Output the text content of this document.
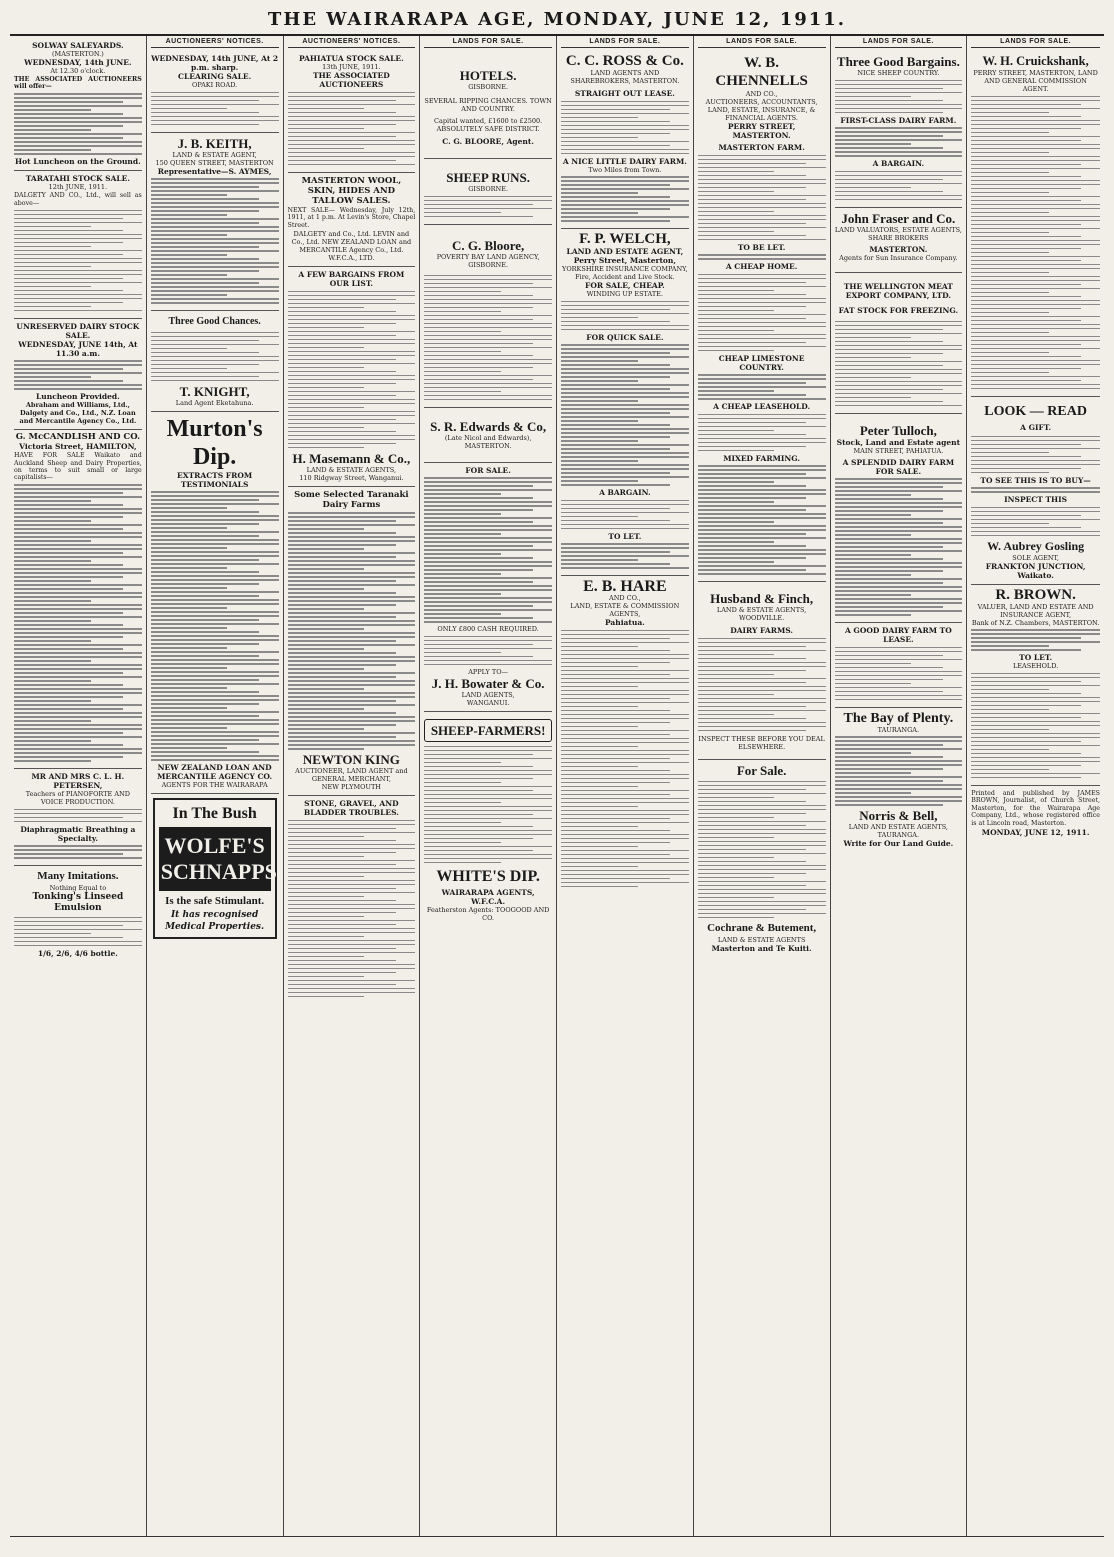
THE WAIRARAPA AGE, MONDAY, JUNE 12, 1911.
SOLWAY SALEYARDS.
(MASTERTON.)
WEDNESDAY, 14th JUNE.
At 12.30 o'clock.

THE ASSOCIATED AUCTIONEERS will offer—

Hot Luncheon on the Ground.
TARATAHI STOCK SALE.
12th JUNE, 1911.

DALGETY AND CO., Ltd., will sell as above—

UNRESERVED DAIRY STOCK SALE.
WEDNESDAY, JUNE 14th, At 11.30 a.m.
Luncheon Provided.
Abraham and Williams, Ltd., Dalgety and Co., Ltd., N.Z. Loan and Mercantile Agency Co., Ltd.
G. McCANDLISH AND CO.
Victoria Street, HAMILTON,

HAVE FOR SALE Waikato and Auckland Sheep and Dairy Properties, on terms to suit small or large capitalists—

MR AND MRS C. L. H. PETERSEN,
Teachers of PIANOFORTE AND VOICE PRODUCTION.
Diaphragmatic Breathing a Specialty.
Many Imitations.
Nothing Equal to
Tonking's Linseed Emulsion
1/6, 2/6, 4/6 bottle.
AUCTIONEERS' NOTICES.
WEDNESDAY, 14th JUNE, At 2 p.m. sharp.
CLEARING SALE.
OPAKI ROAD.
J. B. KEITH,
LAND & ESTATE AGENT,
150 QUEEN STREET, MASTERTON
Representative—S. AYMES,
Three Good Chances.
T. KNIGHT,
Land Agent Eketahuna.
Murton's Dip.
EXTRACTS FROM TESTIMONIALS
NEW ZEALAND LOAN AND MERCANTILE AGENCY CO.
AGENTS FOR THE WAIRARAPA
In The Bush
WOLFE'S SCHNAPPS
Is the safe Stimulant.
It has recognised Medical Properties.
AUCTIONEERS' NOTICES.
PAHIATUA STOCK SALE.
13th JUNE, 1911.
THE ASSOCIATED AUCTIONEERS
MASTERTON WOOL, SKIN, HIDES AND TALLOW SALES.

NEXT SALE— Wednesday, July 12th, 1911, at 1 p.m. At Levin's Store, Chapel Street.

DALGETY and Co., Ltd. LEVIN and Co., Ltd. NEW ZEALAND LOAN and MERCANTILE Agency Co., Ltd. W.F.C.A., LTD.
A FEW BARGAINS FROM OUR LIST.
H. Masemann & Co.,
LAND & ESTATE AGENTS,
110 Ridgway Street, Wanganui.
Some Selected Taranaki Dairy Farms
NEWTON KING
AUCTIONEER, LAND AGENT and GENERAL MERCHANT,
NEW PLYMOUTH
STONE, GRAVEL, AND BLADDER TROUBLES.
LANDS FOR SALE.
HOTELS.
GISBORNE.
SEVERAL RIPPING CHANCES. TOWN AND COUNTRY.
Capital wanted, £1600 to £2500.
ABSOLUTELY SAFE DISTRICT.
C. G. BLOORE, Agent.
SHEEP RUNS.
GISBORNE.
C. G. Bloore,
POVERTY BAY LAND AGENCY,
GISBORNE.
S. R. Edwards & Co,
(Late Nicol and Edwards),
MASTERTON.
FOR SALE.
ONLY £800 CASH REQUIRED.
APPLY TO—
J. H. Bowater & Co.
LAND AGENTS,
WANGANUI.
SHEEP-FARMERS!
WHITE'S DIP.
WAIRARAPA AGENTS, W.F.C.A.
Featherston Agents: TOOGOOD AND CO.
LANDS FOR SALE.
C. C. ROSS & Co.
LAND AGENTS AND SHAREBROKERS, MASTERTON.
STRAIGHT OUT LEASE.
A NICE LITTLE DAIRY FARM.
Two Miles from Town.
F. P. WELCH,
LAND AND ESTATE AGENT, Perry Street, Masterton,
YORKSHIRE INSURANCE COMPANY,
Fire, Accident and Live Stock.
FOR SALE, CHEAP.
WINDING UP ESTATE.
FOR QUICK SALE.
A BARGAIN.
TO LET.
E. B. HARE
AND CO.,
LAND, ESTATE & COMMISSION AGENTS,
Pahiatua.
LANDS FOR SALE.
W. B. CHENNELLS
AND CO.,
AUCTIONEERS, ACCOUNTANTS, LAND, ESTATE, INSURANCE, & FINANCIAL AGENTS.
PERRY STREET, MASTERTON.
MASTERTON FARM.
TO BE LET.
A CHEAP HOME.
CHEAP LIMESTONE COUNTRY.
A CHEAP LEASEHOLD.
MIXED FARMING.
Husband & Finch,
LAND & ESTATE AGENTS,
WOODVILLE.
DAIRY FARMS.
INSPECT THESE BEFORE YOU DEAL ELSEWHERE.
For Sale.
Cochrane & Butement,
LAND & ESTATE AGENTS
Masterton and Te Kuiti.
LANDS FOR SALE.
Three Good Bargains.
NICE SHEEP COUNTRY.
FIRST-CLASS DAIRY FARM.
A BARGAIN.
John Fraser and Co.
LAND VALUATORS, ESTATE AGENTS, SHARE BROKERS
MASTERTON.
Agents for Sun Insurance Company.
THE WELLINGTON MEAT EXPORT COMPANY, LTD.
FAT STOCK FOR FREEZING.
Peter Tulloch,
Stock, Land and Estate agent
MAIN STREET, PAHIATUA.
A SPLENDID DAIRY FARM FOR SALE.
A GOOD DAIRY FARM TO LEASE.
The Bay of Plenty.
TAURANGA.
Norris & Bell,
LAND AND ESTATE AGENTS, TAURANGA.
Write for Our Land Guide.
LANDS FOR SALE.
W. H. Cruickshank,
PERRY STREET, MASTERTON, LAND AND GENERAL COMMISSION AGENT.
LOOK — READ
A GIFT.
TO SEE THIS IS TO BUY—
INSPECT THIS
W. Aubrey Gosling
SOLE AGENT,
FRANKTON JUNCTION, Waikato.
R. BROWN.
VALUER, LAND AND ESTATE AND INSURANCE AGENT,
Bank of N.Z. Chambers, MASTERTON.
TO LET.
LEASEHOLD.

Printed and published by JAMES BROWN, Journalist, of Church Street, Masterton, for the Wairarapa Age Company, Ltd., whose registered office is at Lincoln road, Masterton.

MONDAY, JUNE 12, 1911.
